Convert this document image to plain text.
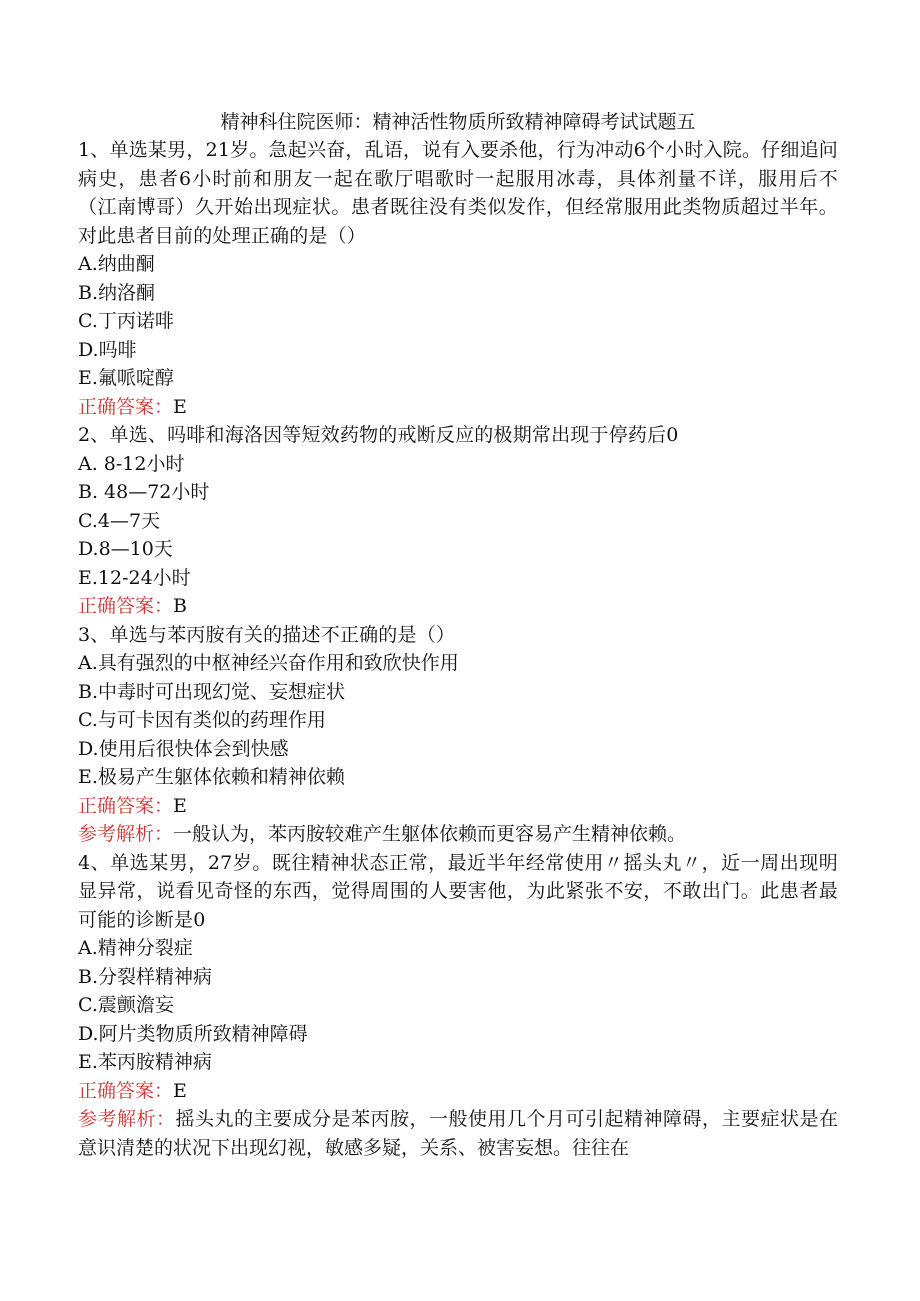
精神科住院医师：精神活性物质所致精神障碍考试试题五

1、单选某男，21岁。急起兴奋，乱语，说有入要杀他，行为冲动6个小时入院。仔细追问病史，患者6小时前和朋友一起在歌厅唱歌时一起服用冰毒，具体剂量不详，服用后不（江南博哥）久开始出现症状。患者既往没有类似发作，但经常服用此类物质超过半年。对此患者目前的处理正确的是（）

A.纳曲酮

B.纳洛酮

C.丁丙诺啡

D.吗啡

E.氟哌啶醇

正确答案：E

2、单选、吗啡和海洛因等短效药物的戒断反应的极期常出现于停药后0

A. 8-12小时

B. 48—72小时

C.4—7天

D.8—10天

E.12-24小时

正确答案：B

3、单选与苯丙胺有关的描述不正确的是（）

A.具有强烈的中枢神经兴奋作用和致欣快作用

B.中毒时可出现幻觉、妄想症状

C.与可卡因有类似的药理作用

D.使用后很快体会到快感

E.极易产生躯体依赖和精神依赖

正确答案：E

参考解析：一般认为，苯丙胺较难产生躯体依赖而更容易产生精神依赖。

4、单选某男，27岁。既往精神状态正常，最近半年经常使用〃摇头丸〃，近一周出现明显异常，说看见奇怪的东西，觉得周围的人要害他，为此紧张不安，不敢出门。此患者最可能的诊断是0

A.精神分裂症

B.分裂样精神病

C.震颤澹妄

D.阿片类物质所致精神障碍

E.苯丙胺精神病

正确答案：E

参考解析：摇头丸的主要成分是苯丙胺，一般使用几个月可引起精神障碍，主要症状是在意识清楚的状况下出现幻视，敏感多疑，关系、被害妄想。往往在
